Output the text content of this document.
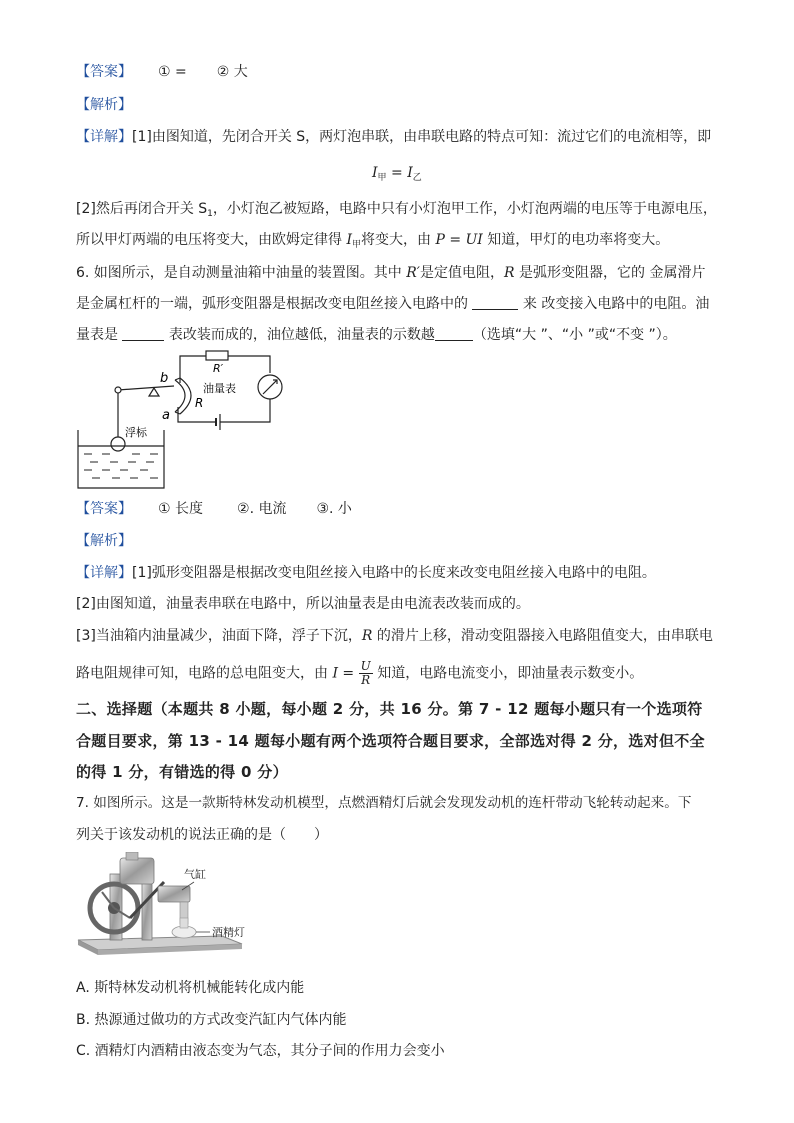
【答案】 ① = ② 大
【解析】
【详解】[1]由图知道，先闭合开关 S，两灯泡串联，由串联电路的特点可知：流过它们的电流相等，即
$I_甲 = I_乙$
[2]然后再闭合开关 $S_1$，小灯泡乙被短路，电路中只有小灯泡甲工作，小灯泡两端的电压等于电源电压，
所以甲灯两端的电压将变大，由欧姆定律得 $I_甲$将变大，由 P = UI 知道，甲灯的电功率将变大。
6. 如图所示，是自动测量油箱中油量的装置图。其中 R′是定值电阻，R 是弧形变阻器，它的 金属滑片
是金属杠杆的一端，弧形变阻器是根据改变电阻丝接入电路中的	来 改变接入电路中的电阻。油
量表是	表改装而成的，油位越低，油量表的示数越	（选填“大 ”、“小 ”或“不变 ”）。
R′
b
R
a
油量表
浮标
【答案】 ① 长度 ②. 电流 ③. 小
【解析】
【详解】[1]弧形变阻器是根据改变电阻丝接入电路中的长度来改变电阻丝接入电路中的电阻。
[2]由图知道，油量表串联在电路中，所以油量表是由电流表改装而成的。
[3]当油箱内油量减少，油面下降，浮子下沉，R 的滑片上移，滑动变阻器接入电路阻值变大，由串联电
路电阻规律可知，电路的总电阻变大，由 $I = \frac{U}{R}$ 知道，电路电流变小，即油量表示数变小。
二、选择题（本题共 8 小题，每小题 2 分，共 16 分。第 7 - 12 题每小题只有一个选项符
合题目要求，第 13 - 14 题每小题有两个选项符合题目要求，全部选对得 2 分，选对但不全
的得 1 分，有错选的得 0 分）
7. 如图所示。这是一款斯特林发动机模型，点燃酒精灯后就会发现发动机的连杆带动飞轮转动起来。下
列关于该发动机的说法正确的是（　　）
气缸
酒精灯
A. 斯特林发动机将机械能转化成内能
B. 热源通过做功的方式改变汽缸内气体内能
C. 酒精灯内酒精由液态变为气态，其分子间的作用力会变小
